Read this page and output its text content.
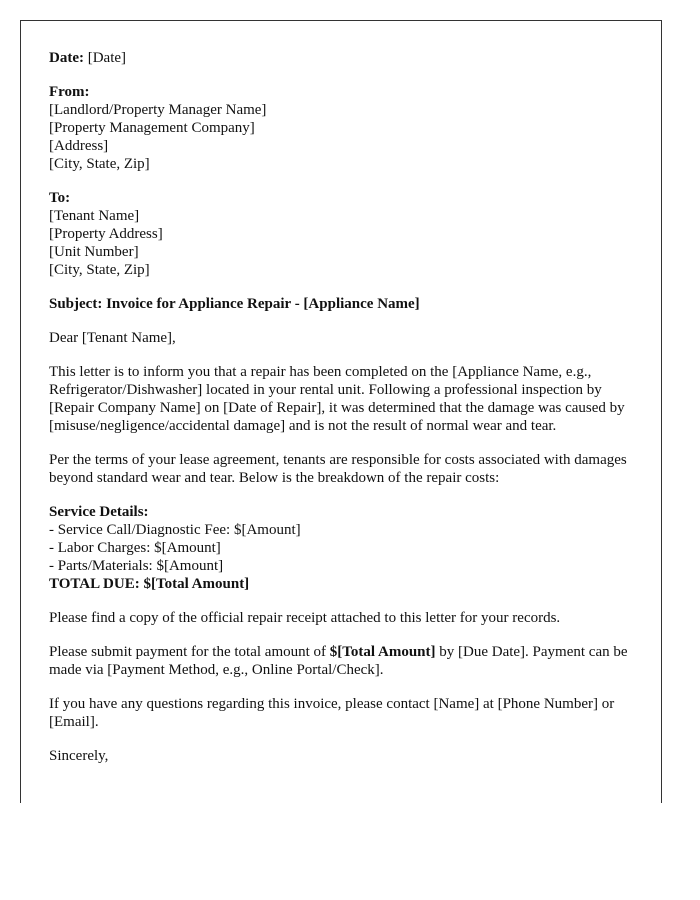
Date: [Date]
From:
[Landlord/Property Manager Name]
[Property Management Company]
[Address]
[City, State, Zip]
To:
[Tenant Name]
[Property Address]
[Unit Number]
[City, State, Zip]
Subject: Invoice for Appliance Repair - [Appliance Name]
Dear [Tenant Name],
This letter is to inform you that a repair has been completed on the [Appliance Name, e.g., Refrigerator/Dishwasher] located in your rental unit. Following a professional inspection by [Repair Company Name] on [Date of Repair], it was determined that the damage was caused by [misuse/negligence/accidental damage] and is not the result of normal wear and tear.
Per the terms of your lease agreement, tenants are responsible for costs associated with damages beyond standard wear and tear. Below is the breakdown of the repair costs:
Service Details:
- Service Call/Diagnostic Fee: $[Amount]
- Labor Charges: $[Amount]
- Parts/Materials: $[Amount]
TOTAL DUE: $[Total Amount]
Please find a copy of the official repair receipt attached to this letter for your records.
Please submit payment for the total amount of $[Total Amount] by [Due Date]. Payment can be made via [Payment Method, e.g., Online Portal/Check].
If you have any questions regarding this invoice, please contact [Name] at [Phone Number] or [Email].
Sincerely,
